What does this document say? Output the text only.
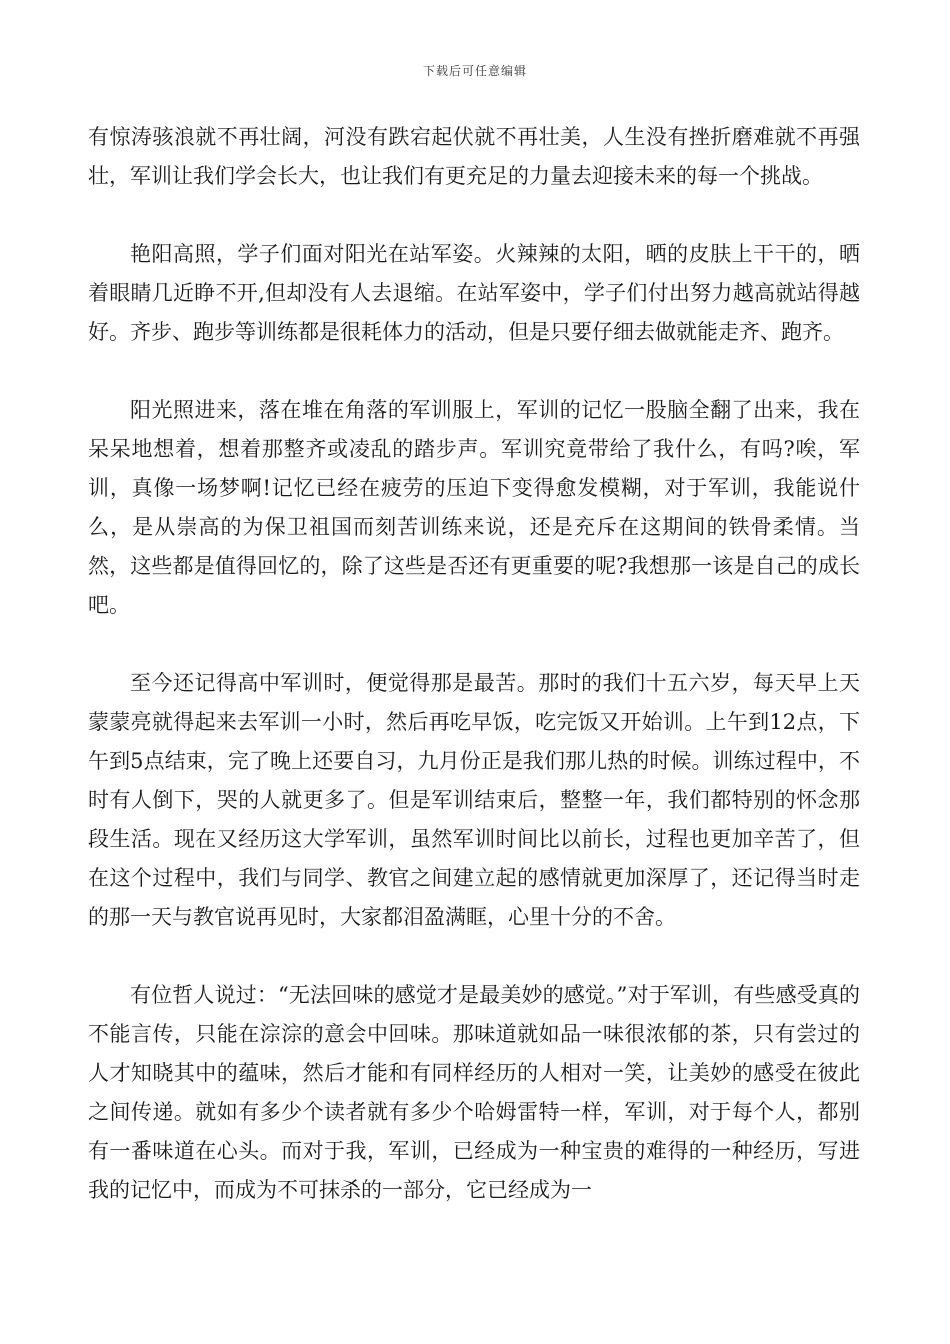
下载后可任意编辑

有惊涛骇浪就不再壮阔，河没有跌宕起伏就不再壮美，人生没有挫折磨难就不再强壮，军训让我们学会长大，也让我们有更充足的力量去迎接未来的每一个挑战。

艳阳高照，学子们面对阳光在站军姿。火辣辣的太阳，晒的皮肤上干干的，晒着眼睛几近睁不开,但却没有人去退缩。在站军姿中，学子们付出努力越高就站得越好。齐步、跑步等训练都是很耗体力的活动，但是只要仔细去做就能走齐、跑齐。

阳光照进来，落在堆在角落的军训服上，军训的记忆一股脑全翻了出来，我在呆呆地想着，想着那整齐或凌乱的踏步声。军训究竟带给了我什么，有吗?唉，军训，真像一场梦啊!记忆已经在疲劳的压迫下变得愈发模糊，对于军训，我能说什么，是从崇高的为保卫祖国而刻苦训练来说，还是充斥在这期间的铁骨柔情。当然，这些都是值得回忆的，除了这些是否还有更重要的呢?我想那一该是自己的成长吧。

至今还记得高中军训时，便觉得那是最苦。那时的我们十五六岁，每天早上天蒙蒙亮就得起来去军训一小时，然后再吃早饭，吃完饭又开始训。上午到12点，下午到5点结束，完了晚上还要自习，九月份正是我们那儿热的时候。训练过程中，不时有人倒下，哭的人就更多了。但是军训结束后，整整一年，我们都特别的怀念那段生活。现在又经历这大学军训，虽然军训时间比以前长，过程也更加辛苦了，但在这个过程中，我们与同学、教官之间建立起的感情就更加深厚了，还记得当时走的那一天与教官说再见时，大家都泪盈满眶，心里十分的不舍。

有位哲人说过：“无法回味的感觉才是最美妙的感觉。”对于军训，有些感受真的不能言传，只能在淙淙的意会中回味。那味道就如品一味很浓郁的茶，只有尝过的人才知晓其中的蕴味，然后才能和有同样经历的人相对一笑，让美妙的感受在彼此之间传递。就如有多少个读者就有多少个哈姆雷特一样，军训，对于每个人，都别有一番味道在心头。而对于我，军训，已经成为一种宝贵的难得的一种经历，写进我的记忆中，而成为不可抹杀的一部分，它已经成为一
